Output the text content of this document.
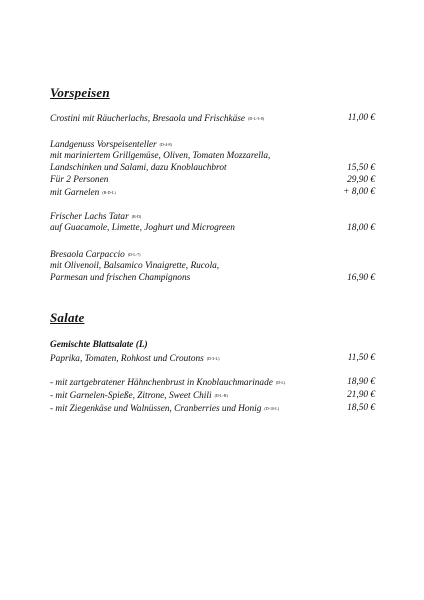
Vorspeisen
Crostini mit Räucherlachs, Bresaola und Frischkäse (D-L-3-8)	11,00 €
Landgenuss Vorspeisenteller (D-4-8)
mit mariniertem Grillgemüse, Oliven, Tomaten Mozzarella,
Landschinken und Salami, dazu Knoblauchbrot	15,50 €
Für 2 Personen	29,90 €
mit Garnelen (R-D-L)	+ 8,00 €
Frischer Lachs Tatar (B-D)
auf Guacamole, Limette, Joghurt und Microgreen	18,00 €
Bresaola Carpaccio (D-L-7)
mit Olivenoil, Balsamico Vinaigrette, Rucola,
Parmesan und frischen Champignons	16,90 €
Salate
Gemischte Blattsalate (L)
Paprika, Tomaten, Rohkost und Croutons (D-3-L)	11,50 €
- mit zartgebratener Hähnchenbrust in Knoblauchmarinade (D-L)	18,90 €
- mit Garnelen-Spieße, Zitrone, Sweet Chili (D-L-R)	21,90 €
- mit Ziegenkäse und Walnüssen, Cranberries und Honig (D-10-L)	18,50 €
